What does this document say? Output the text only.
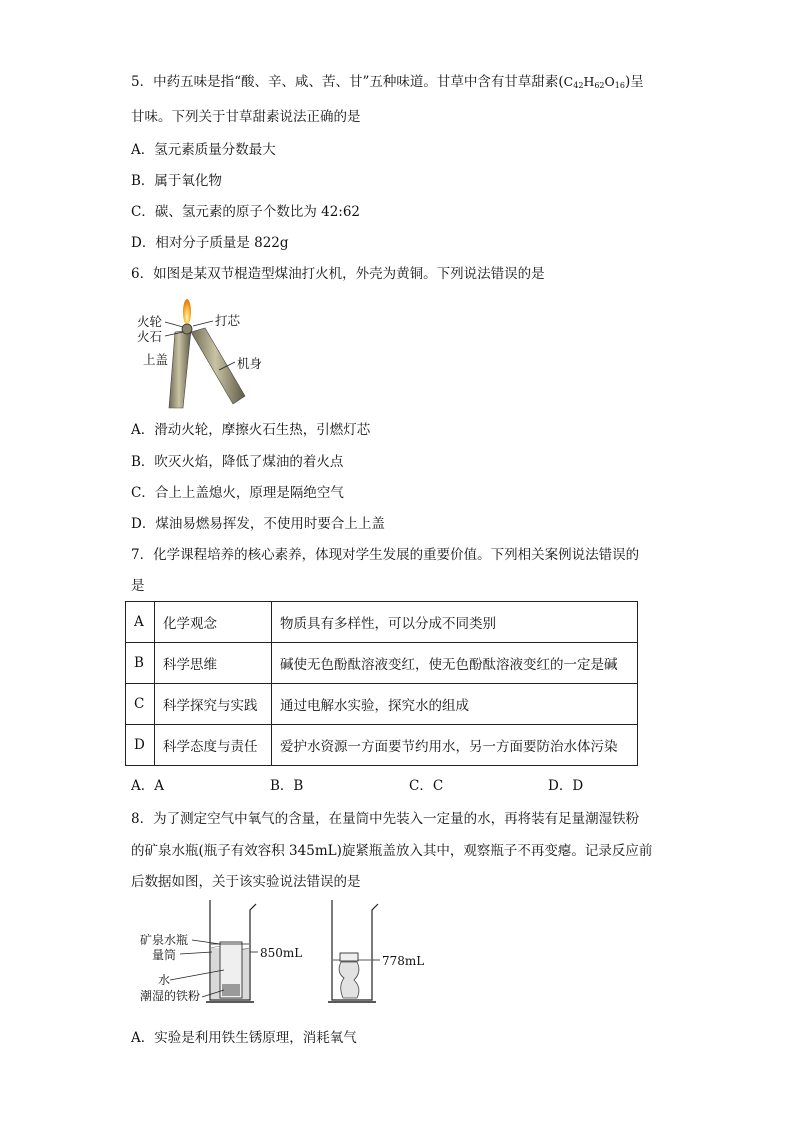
5．中药五味是指“酸、辛、咸、苦、甘”五种味道。甘草中含有甘草甜素$(C_{42}H_{62}O_{16})$呈
甘味。下列关于甘草甜素说法正确的是
A．氢元素质量分数最大
B．属于氧化物
C．碳、氢元素的原子个数比为 42:62
D．相对分子质量是 822g
6．如图是某双节棍造型煤油打火机，外壳为黄铜。下列说法错误的是
火轮
火石
上盖
打芯
机身
A．滑动火轮，摩擦火石生热，引燃灯芯
B．吹灭火焰，降低了煤油的着火点
C．合上上盖熄火，原理是隔绝空气
D．煤油易燃易挥发，不使用时要合上上盖
7．化学课程培养的核心素养，体现对学生发展的重要价值。下列相关案例说法错误的
是
A	化学观念	物质具有多样性，可以分成不同类别
B	科学思维	碱使无色酚酞溶液变红，使无色酚酞溶液变红的一定是碱
C	科学探究与实践	通过电解水实验，探究水的组成
D	科学态度与责任	爱护水资源一方面要节约用水，另一方面要防治水体污染
A．A	B．B	C．C	D．D
8．为了测定空气中氧气的含量，在量筒中先装入一定量的水，再将装有足量潮湿铁粉
的矿泉水瓶(瓶子有效容积 345mL)旋紧瓶盖放入其中，观察瓶子不再变瘪。记录反应前
后数据如图，关于该实验说法错误的是
矿泉水瓶
量筒
水
潮湿的铁粉
850mL
778mL
A．实验是利用铁生锈原理，消耗氧气
